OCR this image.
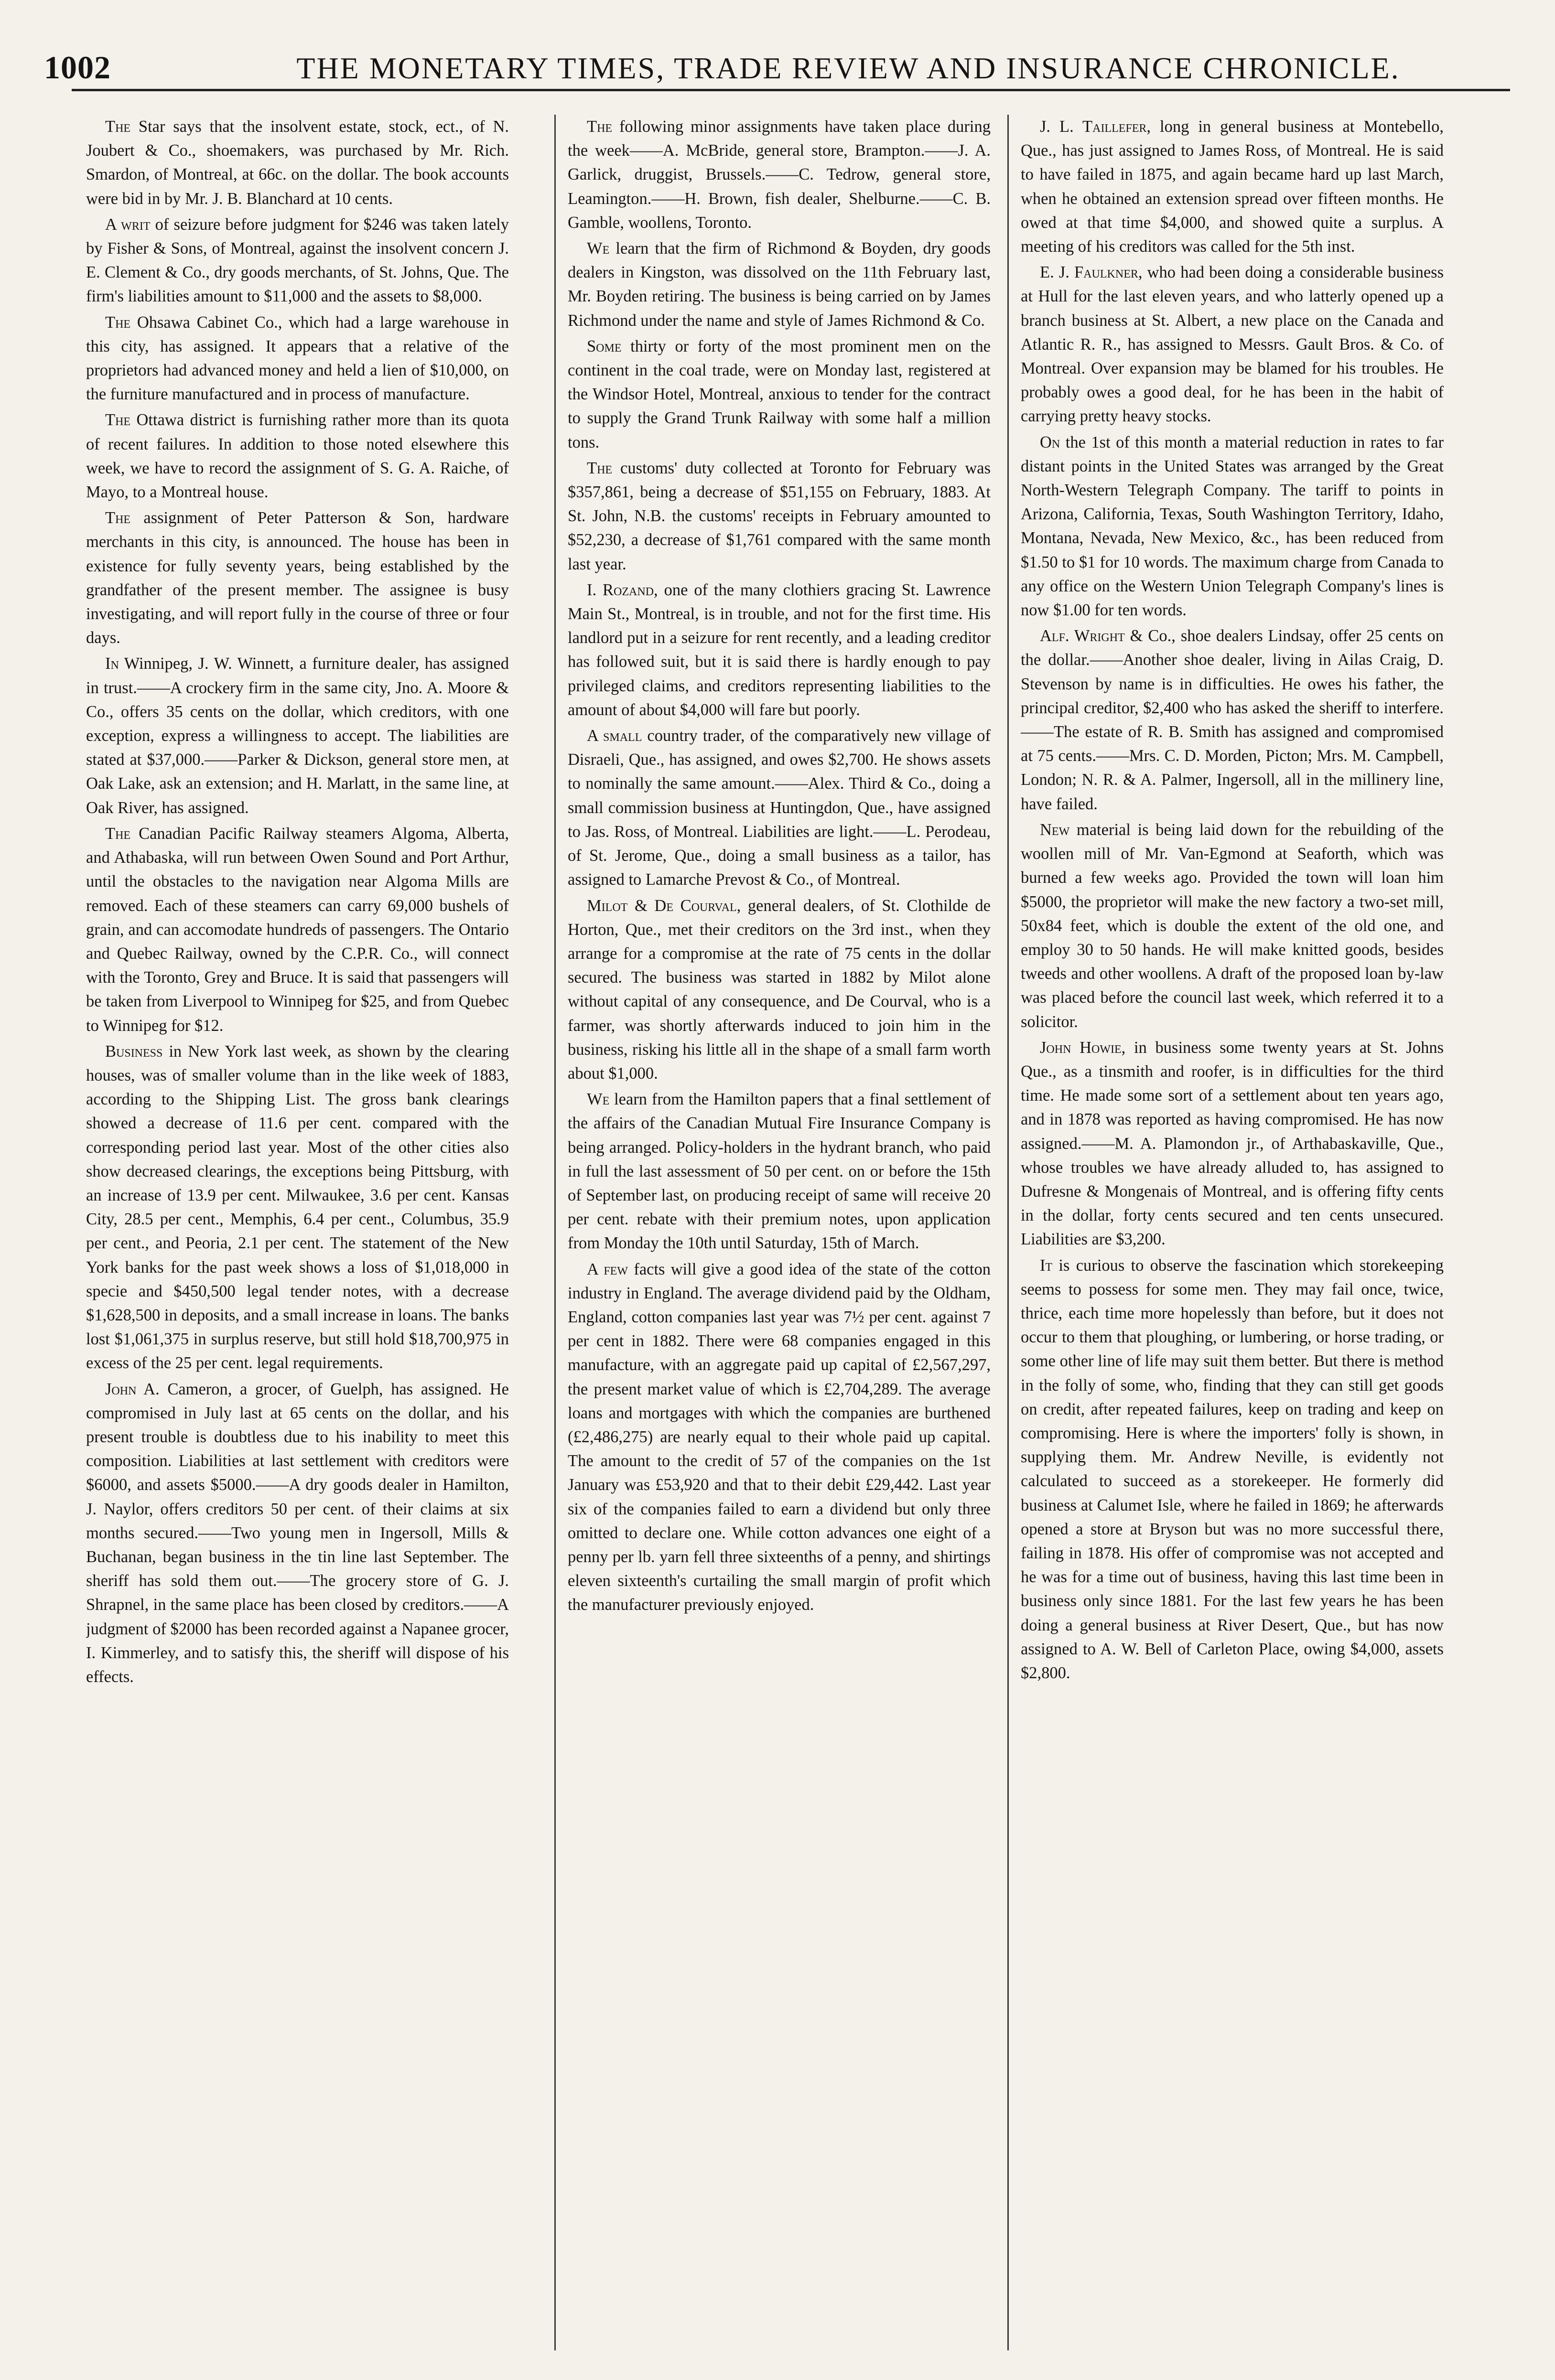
1002	THE MONETARY TIMES, TRADE REVIEW AND INSURANCE CHRONICLE.

The Star says that the insolvent estate, stock, ect., of N. Joubert & Co., shoemakers, was purchased by Mr. Rich. Smardon, of Montreal, at 66c. on the dollar. The book accounts were bid in by Mr. J. B. Blanchard at 10 cents.

A writ of seizure before judgment for $246 was taken lately by Fisher & Sons, of Montreal, against the insolvent concern J. E. Clement & Co., dry goods merchants, of St. Johns, Que. The firm's liabilities amount to $11,000 and the assets to $8,000.

The Ohsawa Cabinet Co., which had a large warehouse in this city, has assigned. It appears that a relative of the proprietors had advanced money and held a lien of $10,000, on the furniture manufactured and in process of manufacture.

The Ottawa district is furnishing rather more than its quota of recent failures. In addition to those noted elsewhere this week, we have to record the assignment of S. G. A. Raiche, of Mayo, to a Montreal house.

The assignment of Peter Patterson & Son, hardware merchants in this city, is announced. The house has been in existence for fully seventy years, being established by the grandfather of the present member. The assignee is busy investigating, and will report fully in the course of three or four days.

In Winnipeg, J. W. Winnett, a furniture dealer, has assigned in trust.——A crockery firm in the same city, Jno. A. Moore & Co., offers 35 cents on the dollar, which creditors, with one exception, express a willingness to accept. The liabilities are stated at $37,000.——Parker & Dickson, general store men, at Oak Lake, ask an extension; and H. Marlatt, in the same line, at Oak River, has assigned.

The Canadian Pacific Railway steamers Algoma, Alberta, and Athabaska, will run between Owen Sound and Port Arthur, until the obstacles to the navigation near Algoma Mills are removed. Each of these steamers can carry 69,000 bushels of grain, and can accomodate hundreds of passengers. The Ontario and Quebec Railway, owned by the C.P.R. Co., will connect with the Toronto, Grey and Bruce. It is said that passengers will be taken from Liverpool to Winnipeg for $25, and from Quebec to Winnipeg for $12.

Business in New York last week, as shown by the clearing houses, was of smaller volume than in the like week of 1883, according to the Shipping List. The gross bank clearings showed a decrease of 11.6 per cent. compared with the corresponding period last year. Most of the other cities also show decreased clearings, the exceptions being Pittsburg, with an increase of 13.9 per cent. Milwaukee, 3.6 per cent. Kansas City, 28.5 per cent., Memphis, 6.4 per cent., Columbus, 35.9 per cent., and Peoria, 2.1 per cent. The statement of the New York banks for the past week shows a loss of $1,018,000 in specie and $450,500 legal tender notes, with a decrease $1,628,500 in deposits, and a small increase in loans. The banks lost $1,061,375 in surplus reserve, but still hold $18,700,975 in excess of the 25 per cent. legal requirements.

John A. Cameron, a grocer, of Guelph, has assigned. He compromised in July last at 65 cents on the dollar, and his present trouble is doubtless due to his inability to meet this composition. Liabilities at last settlement with creditors were $6000, and assets $5000.——A dry goods dealer in Hamilton, J. Naylor, offers creditors 50 per cent. of their claims at six months secured.——Two young men in Ingersoll, Mills & Buchanan, began business in the tin line last September. The sheriff has sold them out.——The grocery store of G. J. Shrapnel, in the same place has been closed by creditors.——A judgment of $2000 has been recorded against a Napanee grocer, I. Kimmerley, and to satisfy this, the sheriff will dispose of his effects.

The following minor assignments have taken place during the week——A. McBride, general store, Brampton.——J. A. Garlick, druggist, Brussels.——C. Tedrow, general store, Leamington.——H. Brown, fish dealer, Shelburne.——C. B. Gamble, woollens, Toronto.

We learn that the firm of Richmond & Boyden, dry goods dealers in Kingston, was dissolved on the 11th February last, Mr. Boyden retiring. The business is being carried on by James Richmond under the name and style of James Richmond & Co.

Some thirty or forty of the most prominent men on the continent in the coal trade, were on Monday last, registered at the Windsor Hotel, Montreal, anxious to tender for the contract to supply the Grand Trunk Railway with some half a million tons.

The customs' duty collected at Toronto for February was $357,861, being a decrease of $51,155 on February, 1883. At St. John, N.B. the customs' receipts in February amounted to $52,230, a decrease of $1,761 compared with the same month last year.

I. Rozand, one of the many clothiers gracing St. Lawrence Main St., Montreal, is in trouble, and not for the first time. His landlord put in a seizure for rent recently, and a leading creditor has followed suit, but it is said there is hardly enough to pay privileged claims, and creditors representing liabilities to the amount of about $4,000 will fare but poorly.

A small country trader, of the comparatively new village of Disraeli, Que., has assigned, and owes $2,700. He shows assets to nominally the same amount.——Alex. Third & Co., doing a small commission business at Huntingdon, Que., have assigned to Jas. Ross, of Montreal. Liabilities are light.——L. Perodeau, of St. Jerome, Que., doing a small business as a tailor, has assigned to Lamarche Prevost & Co., of Montreal.

Milot & De Courval, general dealers, of St. Clothilde de Horton, Que., met their creditors on the 3rd inst., when they arrange for a compromise at the rate of 75 cents in the dollar secured. The business was started in 1882 by Milot alone without capital of any consequence, and De Courval, who is a farmer, was shortly afterwards induced to join him in the business, risking his little all in the shape of a small farm worth about $1,000.

We learn from the Hamilton papers that a final settlement of the affairs of the Canadian Mutual Fire Insurance Company is being arranged. Policy-holders in the hydrant branch, who paid in full the last assessment of 50 per cent. on or before the 15th of September last, on producing receipt of same will receive 20 per cent. rebate with their premium notes, upon application from Monday the 10th until Saturday, 15th of March.

A few facts will give a good idea of the state of the cotton industry in England. The average dividend paid by the Oldham, England, cotton companies last year was 7½ per cent. against 7 per cent in 1882. There were 68 companies engaged in this manufacture, with an aggregate paid up capital of £2,567,297, the present market value of which is £2,704,289. The average loans and mortgages with which the companies are burthened (£2,486,275) are nearly equal to their whole paid up capital. The amount to the credit of 57 of the companies on the 1st January was £53,920 and that to their debit £29,442. Last year six of the companies failed to earn a dividend but only three omitted to declare one. While cotton advances one eight of a penny per lb. yarn fell three sixteenths of a penny, and shirtings eleven sixteenth's curtailing the small margin of profit which the manufacturer previously enjoyed.

J. L. Taillefer, long in general business at Montebello, Que., has just assigned to James Ross, of Montreal. He is said to have failed in 1875, and again became hard up last March, when he obtained an extension spread over fifteen months. He owed at that time $4,000, and showed quite a surplus. A meeting of his creditors was called for the 5th inst.

E. J. Faulkner, who had been doing a considerable business at Hull for the last eleven years, and who latterly opened up a branch business at St. Albert, a new place on the Canada and Atlantic R. R., has assigned to Messrs. Gault Bros. & Co. of Montreal. Over expansion may be blamed for his troubles. He probably owes a good deal, for he has been in the habit of carrying pretty heavy stocks.

On the 1st of this month a material reduction in rates to far distant points in the United States was arranged by the Great North-Western Telegraph Company. The tariff to points in Arizona, California, Texas, South Washington Territory, Idaho, Montana, Nevada, New Mexico, &c., has been reduced from $1.50 to $1 for 10 words. The maximum charge from Canada to any office on the Western Union Telegraph Company's lines is now $1.00 for ten words.

Alf. Wright & Co., shoe dealers Lindsay, offer 25 cents on the dollar.——Another shoe dealer, living in Ailas Craig, D. Stevenson by name is in difficulties. He owes his father, the principal creditor, $2,400 who has asked the sheriff to interfere.——The estate of R. B. Smith has assigned and compromised at 75 cents.——Mrs. C. D. Morden, Picton; Mrs. M. Campbell, London; N. R. & A. Palmer, Ingersoll, all in the millinery line, have failed.

New material is being laid down for the rebuilding of the woollen mill of Mr. Van-Egmond at Seaforth, which was burned a few weeks ago. Provided the town will loan him $5000, the proprietor will make the new factory a two-set mill, 50x84 feet, which is double the extent of the old one, and employ 30 to 50 hands. He will make knitted goods, besides tweeds and other woollens. A draft of the proposed loan by-law was placed before the council last week, which referred it to a solicitor.

John Howie, in business some twenty years at St. Johns Que., as a tinsmith and roofer, is in difficulties for the third time. He made some sort of a settlement about ten years ago, and in 1878 was reported as having compromised. He has now assigned.——M. A. Plamondon jr., of Arthabaskaville, Que., whose troubles we have already alluded to, has assigned to Dufresne & Mongenais of Montreal, and is offering fifty cents in the dollar, forty cents secured and ten cents unsecured. Liabilities are $3,200.

It is curious to observe the fascination which storekeeping seems to possess for some men. They may fail once, twice, thrice, each time more hopelessly than before, but it does not occur to them that ploughing, or lumbering, or horse trading, or some other line of life may suit them better. But there is method in the folly of some, who, finding that they can still get goods on credit, after repeated failures, keep on trading and keep on compromising. Here is where the importers' folly is shown, in supplying them. Mr. Andrew Neville, is evidently not calculated to succeed as a storekeeper. He formerly did business at Calumet Isle, where he failed in 1869; he afterwards opened a store at Bryson but was no more successful there, failing in 1878. His offer of compromise was not accepted and he was for a time out of business, having this last time been in business only since 1881. For the last few years he has been doing a general business at River Desert, Que., but has now assigned to A. W. Bell of Carleton Place, owing $4,000, assets $2,800.
